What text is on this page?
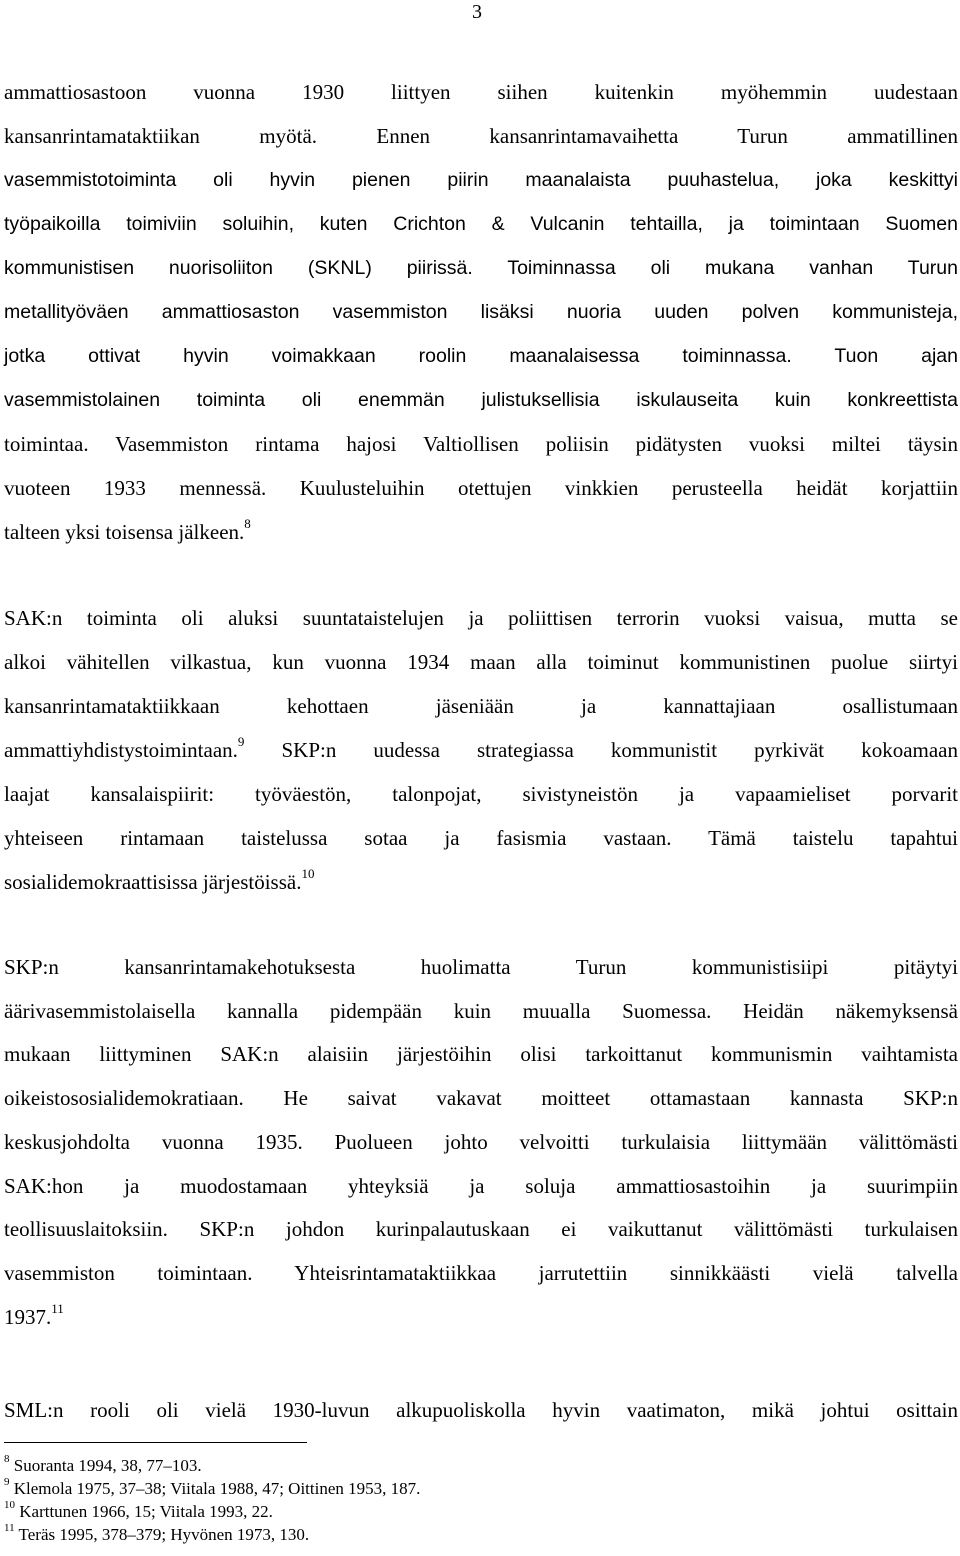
3
ammattiosastoon vuonna 1930 liittyen siihen kuitenkin myöhemmin uudestaan
kansanrintamataktiikan myötä. Ennen kansanrintamavaihetta Turun ammatillinen
vasemmistotoiminta oli hyvin pienen piirin maanalaista puuhastelua, joka keskittyi
työpaikoilla toimiviin soluihin, kuten Crichton & Vulcanin tehtailla, ja toimintaan Suomen
kommunistisen nuorisoliiton (SKNL) piirissä. Toiminnassa oli mukana vanhan Turun
metallityöväen ammattiosaston vasemmiston lisäksi nuoria uuden polven kommunisteja,
jotka ottivat hyvin voimakkaan roolin maanalaisessa toiminnassa. Tuon ajan
vasemmistolainen toiminta oli enemmän julistuksellisia iskulauseita kuin konkreettista
toimintaa. Vasemmiston rintama hajosi Valtiollisen poliisin pidätysten vuoksi miltei täysin
vuoteen 1933 mennessä. Kuulusteluihin otettujen vinkkien perusteella heidät korjattiin
talteen yksi toisensa jälkeen.$^8$
SAK:n toiminta oli aluksi suuntataistelujen ja poliittisen terrorin vuoksi vaisua, mutta se
alkoi vähitellen vilkastua, kun vuonna 1934 maan alla toiminut kommunistinen puolue siirtyi
kansanrintamataktiikkaan kehottaen jäseniään ja kannattajiaan osallistumaan
ammattiyhdistystoimintaan.$^9$ SKP:n uudessa strategiassa kommunistit pyrkivät kokoamaan
laajat kansalaispiirit: työväestön, talonpojat, sivistyneistön ja vapaamieliset porvarit
yhteiseen rintamaan taistelussa sotaa ja fasismia vastaan. Tämä taistelu tapahtui
sosialidemokraattisissa järjestöissä.$^{10}$
SKP:n kansanrintamakehotuksesta huolimatta Turun kommunistisiipi pitäytyi
äärivasemmistolaisella kannalla pidempään kuin muualla Suomessa. Heidän näkemyksensä
mukaan liittyminen SAK:n alaisiin järjestöihin olisi tarkoittanut kommunismin vaihtamista
oikeistososialidemokratiaan. He saivat vakavat moitteet ottamastaan kannasta SKP:n
keskusjohdolta vuonna 1935. Puolueen johto velvoitti turkulaisia liittymään välittömästi
SAK:hon ja muodostamaan yhteyksiä ja soluja ammattiosastoihin ja suurimpiin
teollisuuslaitoksiin. SKP:n johdon kurinpalautuskaan ei vaikuttanut välittömästi turkulaisen
vasemmiston toimintaan. Yhteisrintamataktiikkaa jarrutettiin sinnikkäästi vielä talvella
1937.11
SML:n rooli oli vielä 1930-luvun alkupuoliskolla hyvin vaatimaton, mikä johtui osittain
$^8$ Suoranta 1994, 38, 77–103.
$^9$ Klemola 1975, 37–38; Viitala 1988, 47; Oittinen 1953, 187.
$^{10}$ Karttunen 1966, 15; Viitala 1993, 22.
$^{11}$ Teräs 1995, 378–379; Hyvönen 1973, 130.
